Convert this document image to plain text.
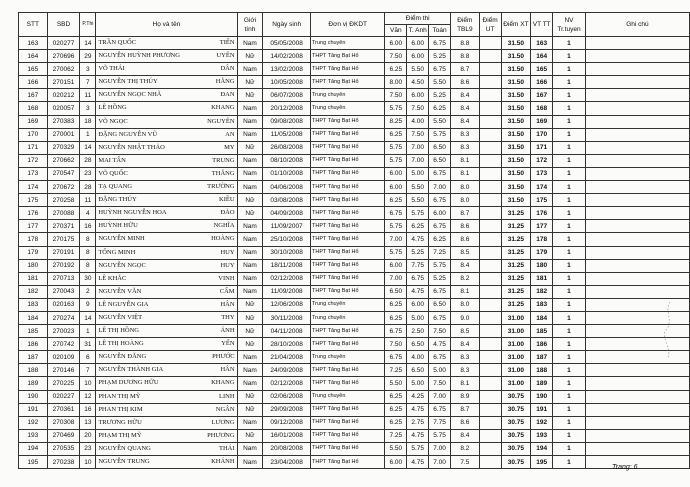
STT	SBD	P.Thi	Họ và tên	Giới tính	Ngày sinh	Đơn vị ĐKDT	Điểm thi			Điểm TBL9	Điểm UT	Điểm XT	VT TT	NV Tr.tuyen	Ghi chú
							Văn	T. Anh	Toán						
163	020277	14	TRẦN QUỐC TIẾN	Nam	05/05/2008	Trung chuyên	6.00	6.00	6.75	8.8		31.50	163	1	
164	270696	29	NGUYỄN HUỲNH PHƯƠNG UYÊN	Nữ	14/02/2008	THPT Tăng Bạt Hổ	7.50	6.00	5.25	8.8		31.50	164	1	
165	270062	3	VÕ THÁI DÂN	Nam	13/02/2008	THPT Tăng Bạt Hổ	6.25	5.50	6.75	8.7		31.50	165	1	
166	270151	7	NGUYỄN THỊ THÚY HẰNG	Nữ	10/05/2008	THPT Tăng Bạt Hổ	8.00	4.50	5.50	8.6		31.50	166	1	
167	020212	11	NGUYỄN NGỌC NHÃ ĐAN	Nữ	06/07/2008	Trung chuyên	7.50	6.00	5.25	8.4		31.50	167	1	
168	020057	3	LÊ HỒNG KHANG	Nam	20/12/2008	Trung chuyên	5.75	7.50	6.25	8.4		31.50	168	1	
169	270383	18	VÕ NGỌC NGUYÊN	Nam	09/08/2008	THPT Tăng Bạt Hổ	8.25	4.00	5.50	8.4		31.50	169	1	
170	270001	1	ĐẶNG NGUYỄN VŨ AN	Nam	11/05/2008	THPT Tăng Bạt Hổ	6.25	7.50	5.75	8.3		31.50	170	1	
171	270329	14	NGUYỄN NHẬT THẢO MY	Nữ	26/08/2008	THPT Tăng Bạt Hổ	5.75	7.00	6.50	8.3		31.50	171	1	
172	270662	28	MAI TẤN TRUNG	Nam	08/10/2008	THPT Tăng Bạt Hổ	5.75	7.00	6.50	8.1		31.50	172	1	
173	270547	23	VÕ QUỐC THẮNG	Nam	01/10/2008	THPT Tăng Bạt Hổ	6.00	5.00	6.75	8.1		31.50	173	1	
174	270672	28	TẠ QUANG TRƯỜNG	Nam	04/06/2008	THPT Tăng Bạt Hổ	6.00	5.50	7.00	8.0		31.50	174	1	
175	270258	11	ĐẶNG THÚY KIỀU	Nữ	03/08/2008	THPT Tăng Bạt Hổ	6.25	5.50	6.75	8.0		31.50	175	1	
176	270088	4	HUỲNH NGUYỄN HOA ĐÀO	Nữ	04/09/2008	THPT Tăng Bạt Hổ	6.75	5.75	6.00	8.7		31.25	176	1	
177	270371	16	HUỲNH HỮU NGHĨA	Nam	11/09/2007	THPT Tăng Bạt Hổ	5.75	6.25	6.75	8.6		31.25	177	1	
178	270175	8	NGUYỄN MINH HOÀNG	Nam	25/10/2008	THPT Tăng Bạt Hổ	7.00	4.75	6.25	8.6		31.25	178	1	
179	270191	8	TỐNG MINH HUY	Nam	30/10/2008	THPT Tăng Bạt Hổ	5.75	5.25	7.25	8.5		31.25	179	1	
180	270192	8	NGUYỄN NGỌC HUY	Nam	18/11/2008	THPT Tăng Bạt Hổ	6.00	7.75	5.75	8.4		31.25	180	1	
181	270713	30	LÊ KHẮC VINH	Nam	02/12/2008	THPT Tăng Bạt Hổ	7.00	6.75	5.25	8.2		31.25	181	1	
182	270043	2	NGUYỄN VĂN CẨM	Nam	11/09/2008	THPT Tăng Bạt Hổ	6.50	4.75	6.75	8.1		31.25	182	1	
183	020163	9	LÊ NGUYỄN GIA HÂN	Nữ	12/06/2008	Trung chuyên	6.25	6.00	6.50	8.0		31.25	183	1	
184	270274	14	NGUYỄN VIỆT THY	Nữ	30/11/2008	Trung chuyên	6.25	5.00	6.75	9.0		31.00	184	1	
185	270023	1	LÊ THỊ HỒNG ÁNH	Nữ	04/11/2008	THPT Tăng Bạt Hổ	6.75	2.50	7.50	8.5		31.00	185	1	
186	270742	31	LÊ THỊ HOÀNG YẾN	Nữ	28/10/2008	THPT Tăng Bạt Hổ	7.50	6.50	4.75	8.4		31.00	186	1	
187	020109	6	NGUYỄN ĐĂNG PHƯỚC	Nam	21/04/2008	Trung chuyên	6.75	4.00	6.75	8.3		31.00	187	1	
188	270146	7	NGUYỄN THÀNH GIA HÂN	Nam	24/09/2008	THPT Tăng Bạt Hổ	7.25	6.50	5.00	8.3		31.00	188	1	
189	270225	10	PHẠM DƯƠNG HỮU KHANG	Nam	02/12/2008	THPT Tăng Bạt Hổ	5.50	5.00	7.50	8.1		31.00	189	1	
190	020227	12	PHAN THỊ MỸ LINH	Nữ	02/06/2008	Trung chuyên	6.25	4.25	7.00	8.9		30.75	190	1	
191	270361	16	PHAN THỊ KIM NGÂN	Nữ	29/09/2008	THPT Tăng Bạt Hổ	6.25	4.75	6.75	8.7		30.75	191	1	
192	270308	13	TRƯƠNG HỮU LƯƠNG	Nam	09/12/2008	THPT Tăng Bạt Hổ	6.25	2.75	7.75	8.6		30.75	192	1	
193	270469	20	PHẠM THỊ MỸ PHƯƠNG	Nữ	16/01/2008	THPT Tăng Bạt Hổ	7.25	4.75	5.75	8.4		30.75	193	1	
194	270535	23	NGUYỄN QUANG THÁI	Nam	20/08/2008	THPT Tăng Bạt Hổ	5.50	5.75	7.00	8.2		30.75	194	1	
195	270238	10	NGUYỄN TRUNG KHÁNH	Nam	23/04/2008	THPT Tăng Bạt Hổ	6.00	4.75	7.00	7.5		30.75	195	1	
Trang: 6
